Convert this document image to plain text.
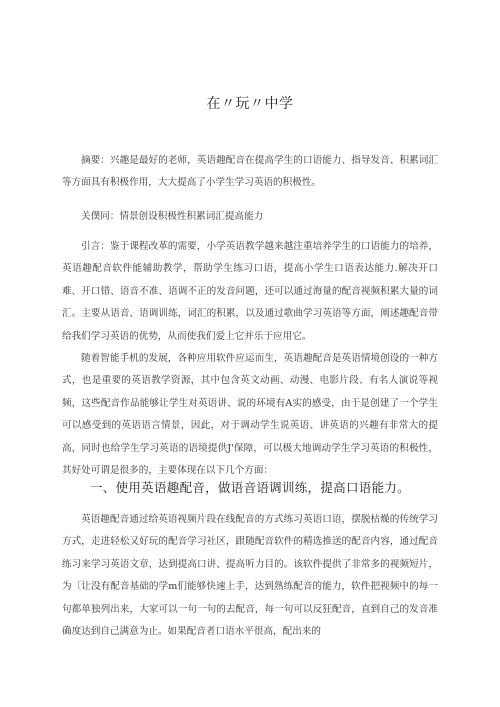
在〃玩〃中学

摘要：兴趣是最好的老师，英语趣配音在提高学生的口语能力、指导发音、积累词汇等方面具有积极作用，大大提高了小学生学习英语的积极性。

关僕同：情景创设积极性积累词汇提高能力

引言：鉴于课程改革的需要，小学英语教学越来越注重培养学生的口语能力的培养，英语趣配音软件能辅助教学，帮助学生练习口语，提高小学生口语表达能力.解决开口难、开口错、语音不准、语调不正的发音问题，还可以通过海量的配音视频积累大量的词汇。主要从语音、语调训练，词汇的积累，以及通过歌曲学习英语等方面，阐述趣配音带给我们学习英语的优势，从而使我们爱上它并乐于应用它。

随着智能手机的发展，各种应用软件应运而生，英语趣配音是英语情境创设的一种方式，也是重要的英语教学资源，其中包含英文动画、动漫、电影片段、有名人演说等视频，这些配音作品能够让学生对英语讲、说的环境有A实的感受，由于是创建了一个学生可以感受到的英语语言情景，因此，对于调动学生说英语、讲英语的兴趣有非常大的提高，同时也给学生学习英语的语境提供J'保障，可以极大地调动学生学习英语的积极性，其好处可谓是很多的，主要体现在以下几个方面：

一、使用英语趣配音，做语音语调训练，提高口语能力。

英语趣配音通过给英语视频片段在线配音的方式练习英语口语，摆脱枯燥的传统学习方式，走进轻松又好玩的配音学习社区，跟随配音软件的精选推送的配音内容，通过配音练习来学习英语文章，达到提高口讲、提高听力目的。该软件提供了非常多的视频短片，为〔让没有配音基础的学m们能够快速上手，达到熟练配音的能力，软件把视频中的每一句都单独列出来，大家可以一句一句的去配音，每一句可以反狂配音，直到自己的发音准确度达到自己满意为止。如果配音者口语水平很高，配出来的
